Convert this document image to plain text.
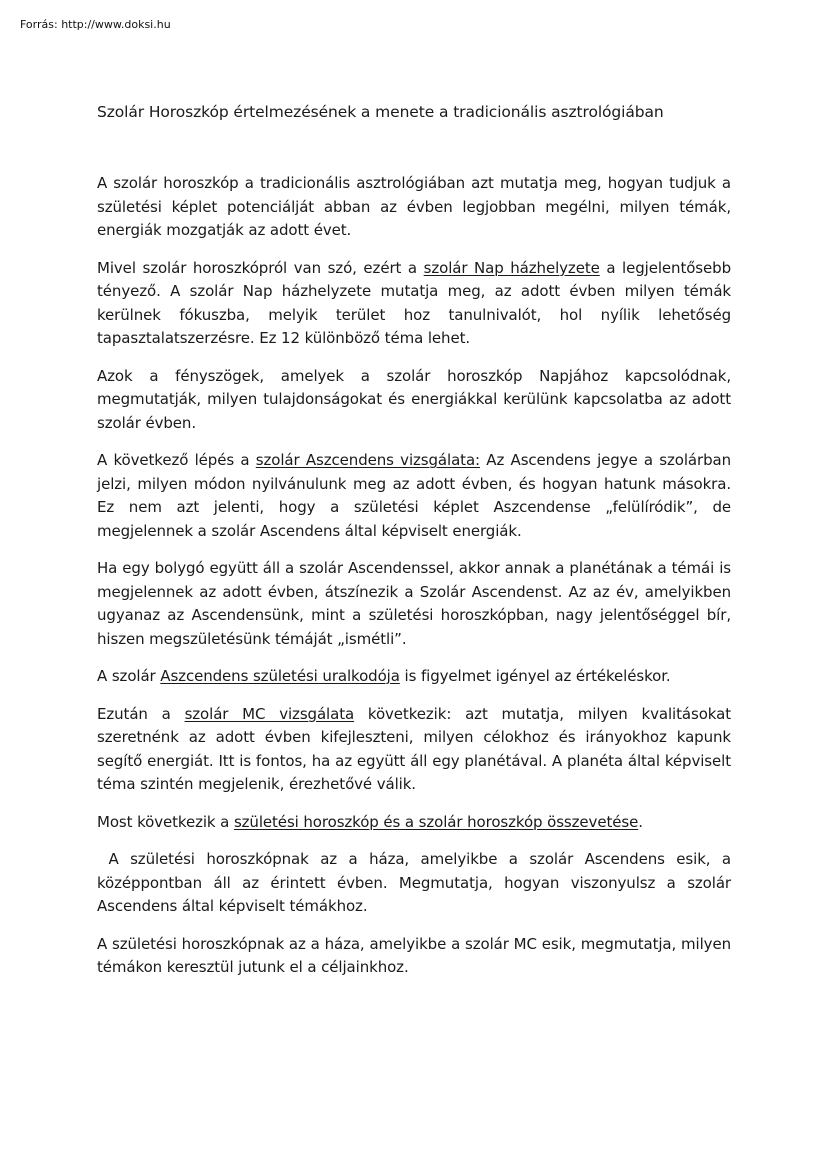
Forrás: http://www.doksi.hu
Szolár Horoszkóp értelmezésének a menete a tradicionális asztrológiában

A szolár horoszkóp a tradicionális asztrológiában azt mutatja meg, hogyan tudjuk a születési képlet potenciálját abban az évben legjobban megélni, milyen témák, energiák mozgatják az adott évet.

Mivel szolár horoszkópról van szó, ezért a szolár Nap házhelyzete a legjelentősebb tényező. A szolár Nap házhelyzete mutatja meg, az adott évben milyen témák kerülnek fókuszba, melyik terület hoz tanulnivalót, hol nyílik lehetőség tapasztalatszerzésre. Ez 12 különböző téma lehet.

Azok a fényszögek, amelyek a szolár horoszkóp Napjához kapcsolódnak, megmutatják, milyen tulajdonságokat és energiákkal kerülünk kapcsolatba az adott szolár évben.

A következő lépés a szolár Aszcendens vizsgálata: Az Ascendens jegye a szolárban jelzi, milyen módon nyilvánulunk meg az adott évben, és hogyan hatunk másokra. Ez nem azt jelenti, hogy a születési képlet Aszcendense „felülíródik”, de megjelennek a szolár Ascendens által képviselt energiák.

Ha egy bolygó együtt áll a szolár Ascendenssel, akkor annak a planétának a témái is megjelennek az adott évben, átszínezik a Szolár Ascendenst. Az az év, amelyikben ugyanaz az Ascendensünk, mint a születési horoszkópban, nagy jelentőséggel bír, hiszen megszületésünk témáját „ismétli”.

A szolár Aszcendens születési uralkodója is figyelmet igényel az értékeléskor.

Ezután a szolár MC vizsgálata következik: azt mutatja, milyen kvalitásokat szeretnénk az adott évben kifejleszteni, milyen célokhoz és irányokhoz kapunk segítő energiát. Itt is fontos, ha az együtt áll egy planétával. A planéta által képviselt téma szintén megjelenik, érezhetővé válik.

Most következik a születési horoszkóp és a szolár horoszkóp összevetése.

A születési horoszkópnak az a háza, amelyikbe a szolár Ascendens esik, a középpontban áll az érintett évben. Megmutatja, hogyan viszonyulsz a szolár Ascendens által képviselt témákhoz.

A születési horoszkópnak az a háza, amelyikbe a szolár MC esik, megmutatja, milyen témákon keresztül jutunk el a céljainkhoz.
